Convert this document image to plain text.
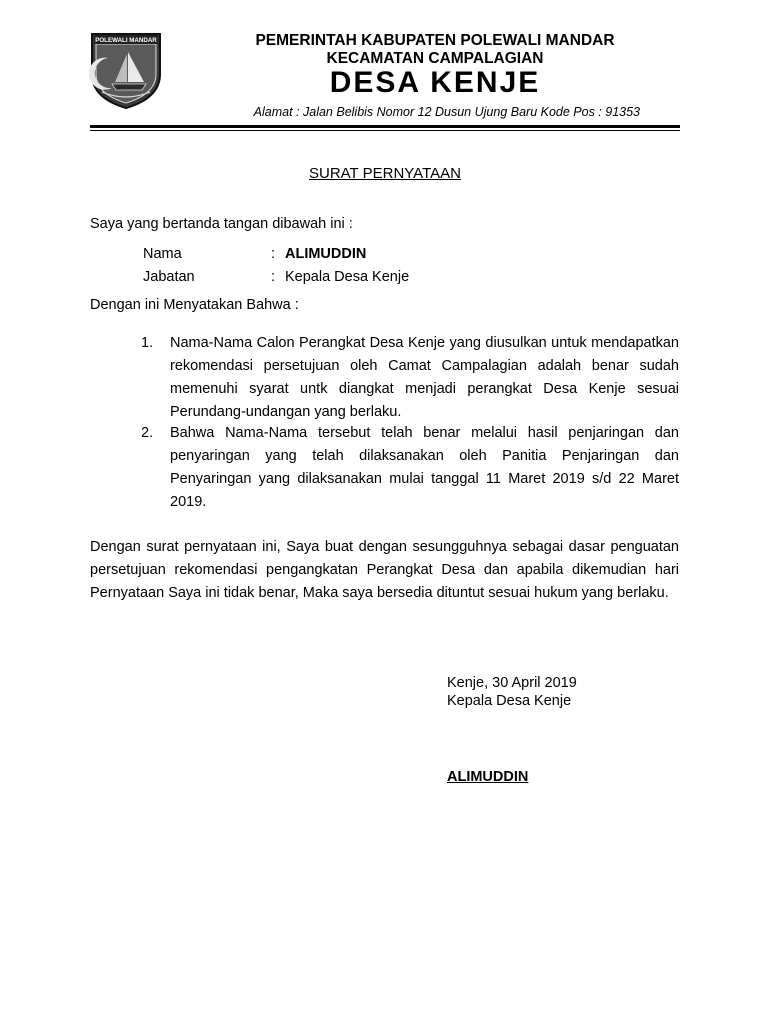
POLEWALI MANDAR	PEMERINTAH KABUPATEN POLEWALI MANDAR
KECAMATAN CAMPALAGIAN
DESA KENJE
Alamat : Jalan Belibis Nomor 12 Dusun Ujung Baru Kode Pos : 91353
SURAT PERNYATAAN
Saya yang bertanda tangan dibawah ini :
Nama	: ALIMUDDIN
Jabatan	: Kepala Desa Kenje
Dengan ini Menyatakan Bahwa :
1. Nama-Nama Calon Perangkat Desa Kenje yang diusulkan untuk mendapatkan rekomendasi persetujuan oleh Camat Campalagian adalah benar sudah memenuhi syarat untk diangkat menjadi perangkat Desa Kenje sesuai Perundang-undangan yang berlaku.
2. Bahwa Nama-Nama tersebut telah benar melalui hasil penjaringan dan penyaringan yang telah dilaksanakan oleh Panitia Penjaringan dan Penyaringan yang dilaksanakan mulai tanggal 11 Maret 2019 s/d 22 Maret 2019.
Dengan surat pernyataan ini, Saya buat dengan sesungguhnya sebagai dasar penguatan persetujuan rekomendasi pengangkatan Perangkat Desa dan apabila dikemudian hari Pernyataan Saya ini tidak benar, Maka saya bersedia dituntut sesuai hukum yang berlaku.
Kenje, 30 April 2019
Kepala Desa Kenje
ALIMUDDIN
